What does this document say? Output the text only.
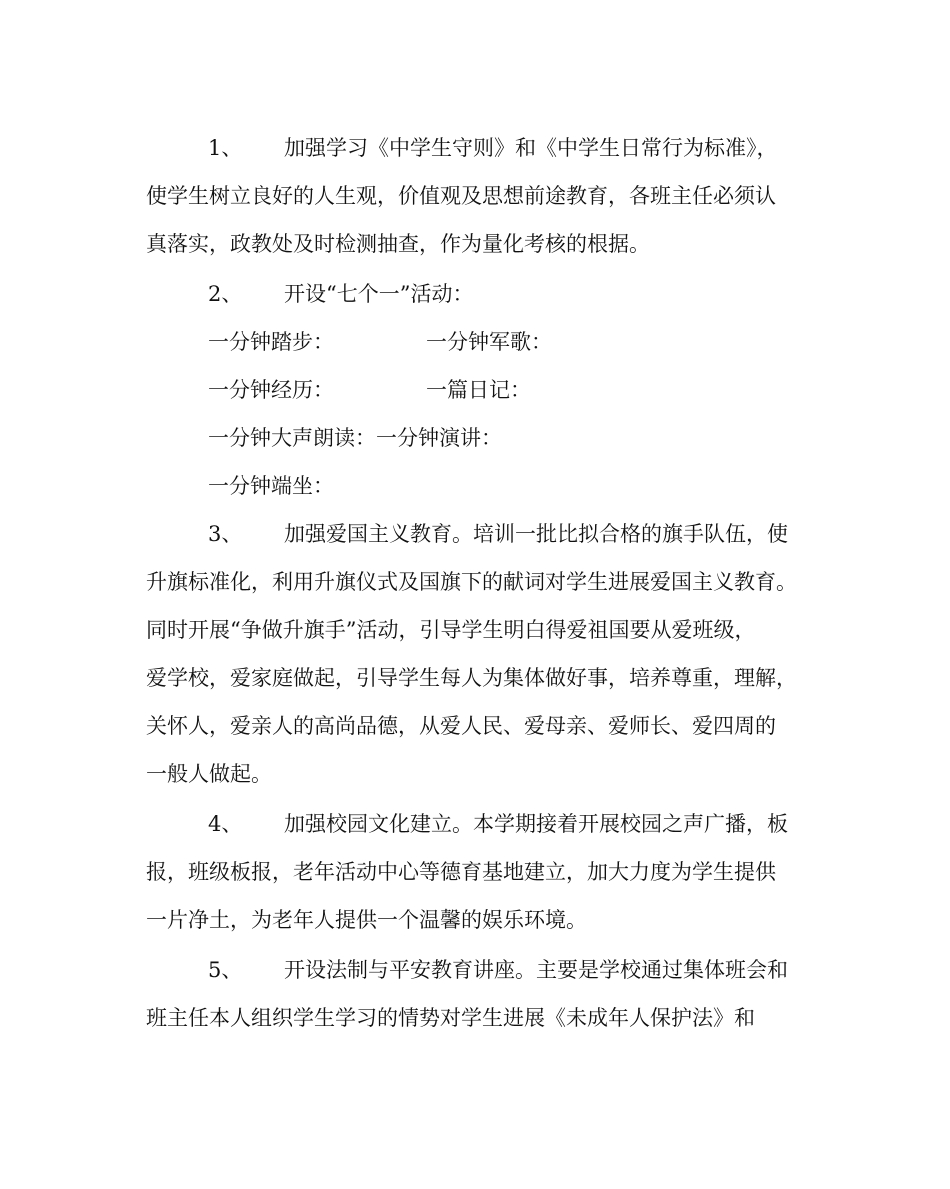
1、 加强学习《中学生守则》和《中学生日常行为标准》，
使学生树立良好的人生观，价值观及思想前途教育，各班主任必须认
真落实，政教处及时检测抽查，作为量化考核的根据。
2、 开设“七个一”活动：
一分钟踏步：	一分钟军歌：
一分钟经历：	一篇日记：
一分钟大声朗读：一分钟演讲：
一分钟端坐：
3、 加强爱国主义教育。培训一批比拟合格的旗手队伍，使
升旗标准化，利用升旗仪式及国旗下的献词对学生进展爱国主义教育。
同时开展“争做升旗手”活动，引导学生明白得爱祖国要从爱班级，
爱学校，爱家庭做起，引导学生每人为集体做好事，培养尊重，理解，
关怀人，爱亲人的高尚品德，从爱人民、爱母亲、爱师长、爱四周的
一般人做起。
4、 加强校园文化建立。本学期接着开展校园之声广播，板
报，班级板报，老年活动中心等德育基地建立，加大力度为学生提供
一片净土，为老年人提供一个温馨的娱乐环境。
5、 开设法制与平安教育讲座。主要是学校通过集体班会和
班主任本人组织学生学习的情势对学生进展《未成年人保护法》和
